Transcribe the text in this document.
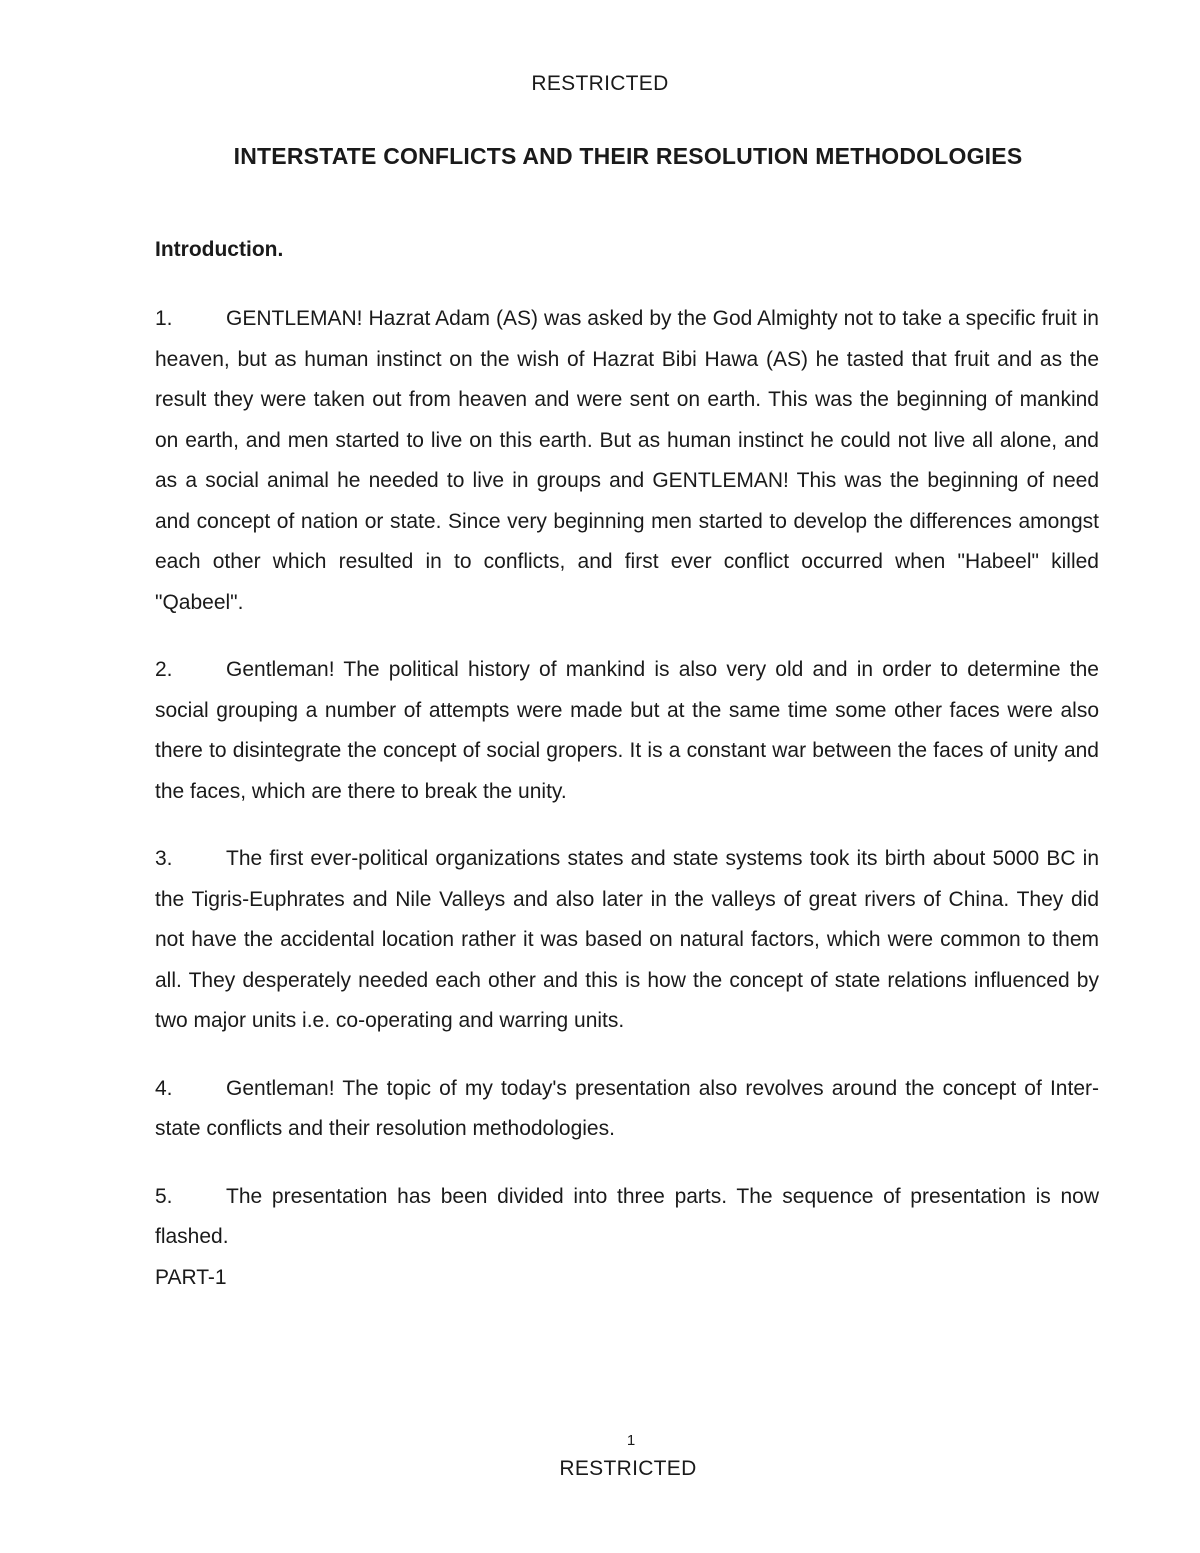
RESTRICTED
INTERSTATE CONFLICTS AND THEIR RESOLUTION METHODOLOGIES
Introduction.

1.	GENTLEMAN! Hazrat Adam (AS) was asked by the God Almighty not to take a specific fruit in heaven, but as human instinct on the wish of Hazrat Bibi Hawa (AS) he tasted that fruit and as the result they were taken out from heaven and were sent on earth. This was the beginning of mankind on earth, and men started to live on this earth. But as human instinct he could not live all alone, and as a social animal he needed to live in groups and GENTLEMAN! This was the beginning of need and concept of nation or state. Since very beginning men started to develop the differences amongst each other which resulted in to conflicts, and first ever conflict occurred when "Habeel" killed "Qabeel".

2.	Gentleman! The political history of mankind is also very old and in order to determine the social grouping a number of attempts were made but at the same time some other faces were also there to disintegrate the concept of social gropers. It is a constant war between the faces of unity and the faces, which are there to break the unity.

3.	The first ever-political organizations states and state systems took its birth about 5000 BC in the Tigris-Euphrates and Nile Valleys and also later in the valleys of great rivers of China. They did not have the accidental location rather it was based on natural factors, which were common to them all. They desperately needed each other and this is how the concept of state relations influenced by two major units i.e. co-operating and warring units.

4.	Gentleman! The topic of my today's presentation also revolves around the concept of Inter-state conflicts and their resolution methodologies.

5.	The presentation has been divided into three parts. The sequence of presentation is now flashed.

PART-1
1
RESTRICTED
